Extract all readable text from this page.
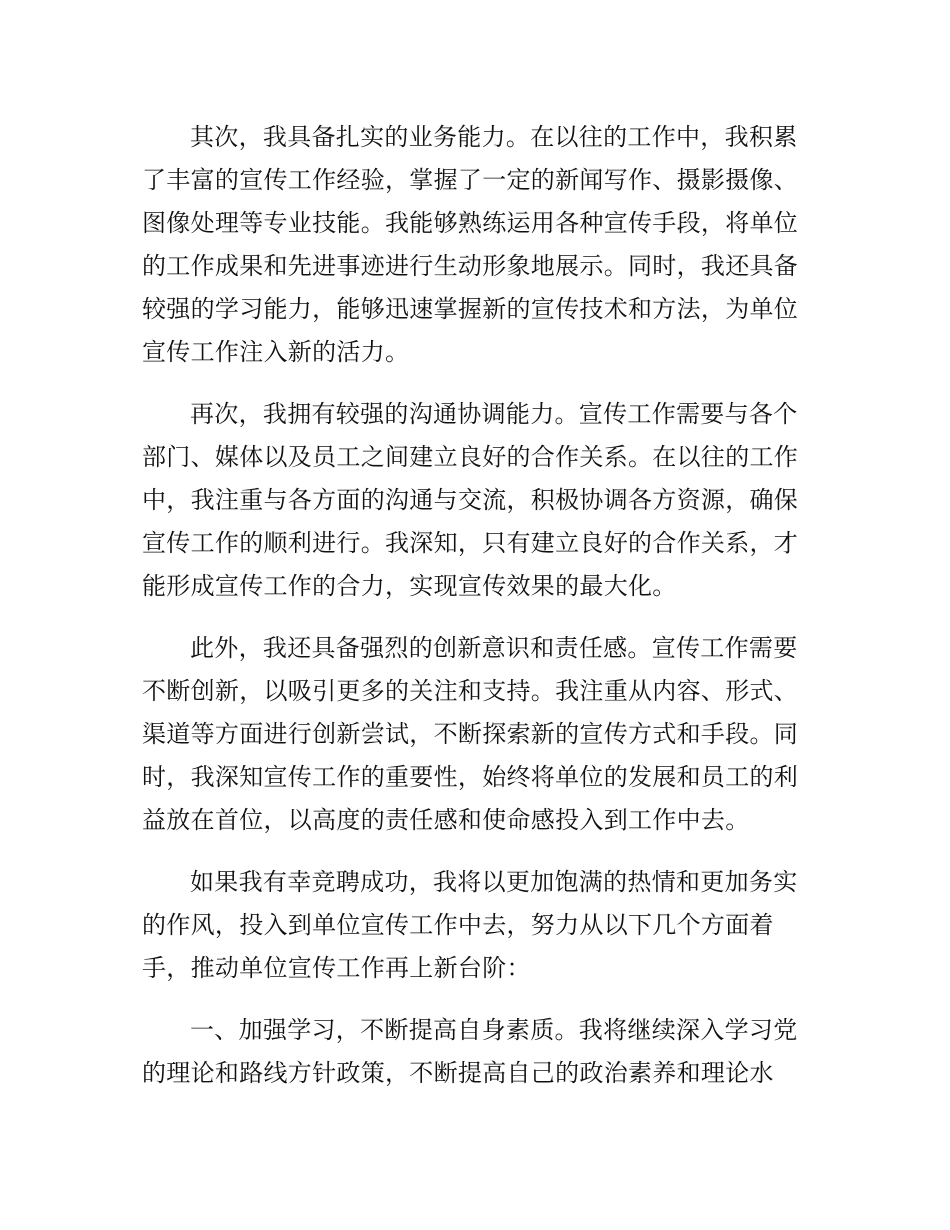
其次，我具备扎实的业务能力。在以往的工作中，我积累
了丰富的宣传工作经验，掌握了一定的新闻写作、摄影摄像、
图像处理等专业技能。我能够熟练运用各种宣传手段，将单位
的工作成果和先进事迹进行生动形象地展示。同时，我还具备
较强的学习能力，能够迅速掌握新的宣传技术和方法，为单位
宣传工作注入新的活力。

再次，我拥有较强的沟通协调能力。宣传工作需要与各个
部门、媒体以及员工之间建立良好的合作关系。在以往的工作
中，我注重与各方面的沟通与交流，积极协调各方资源，确保
宣传工作的顺利进行。我深知，只有建立良好的合作关系，才
能形成宣传工作的合力，实现宣传效果的最大化。

此外，我还具备强烈的创新意识和责任感。宣传工作需要
不断创新，以吸引更多的关注和支持。我注重从内容、形式、
渠道等方面进行创新尝试，不断探索新的宣传方式和手段。同
时，我深知宣传工作的重要性，始终将单位的发展和员工的利
益放在首位，以高度的责任感和使命感投入到工作中去。

如果我有幸竞聘成功，我将以更加饱满的热情和更加务实
的作风，投入到单位宣传工作中去，努力从以下几个方面着
手，推动单位宣传工作再上新台阶：

一、加强学习，不断提高自身素质。我将继续深入学习党
的理论和路线方针政策，不断提高自己的政治素养和理论水
